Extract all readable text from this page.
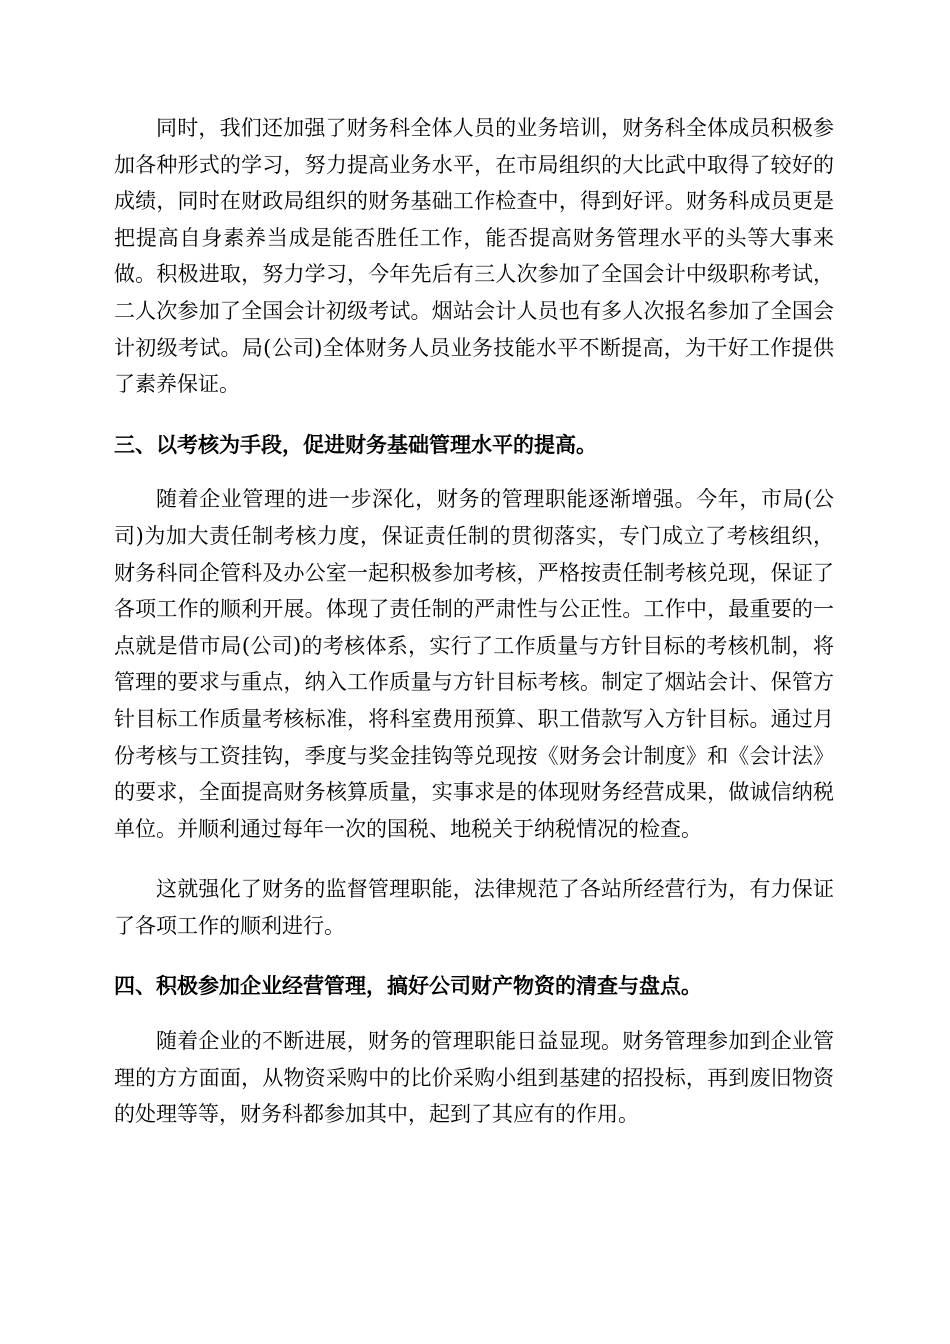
同时，我们还加强了财务科全体人员的业务培训，财务科全体成员积极参加各种形式的学习，努力提高业务水平，在市局组织的大比武中取得了较好的成绩，同时在财政局组织的财务基础工作检查中，得到好评。财务科成员更是把提高自身素养当成是能否胜任工作，能否提高财务管理水平的头等大事来做。积极进取，努力学习，今年先后有三人次参加了全国会计中级职称考试，二人次参加了全国会计初级考试。烟站会计人员也有多人次报名参加了全国会计初级考试。局(公司)全体财务人员业务技能水平不断提高，为干好工作提供了素养保证。

三、以考核为手段，促进财务基础管理水平的提高。

随着企业管理的进一步深化，财务的管理职能逐渐增强。今年，市局(公司)为加大责任制考核力度，保证责任制的贯彻落实，专门成立了考核组织，财务科同企管科及办公室一起积极参加考核，严格按责任制考核兑现，保证了各项工作的顺利开展。体现了责任制的严肃性与公正性。工作中，最重要的一点就是借市局(公司)的考核体系，实行了工作质量与方针目标的考核机制，将管理的要求与重点，纳入工作质量与方针目标考核。制定了烟站会计、保管方针目标工作质量考核标准，将科室费用预算、职工借款写入方针目标。通过月份考核与工资挂钩，季度与奖金挂钩等兑现按《财务会计制度》和《会计法》的要求，全面提高财务核算质量，实事求是的体现财务经营成果，做诚信纳税单位。并顺利通过每年一次的国税、地税关于纳税情况的检查。

这就强化了财务的监督管理职能，法律规范了各站所经营行为，有力保证了各项工作的顺利进行。

四、积极参加企业经营管理，搞好公司财产物资的清查与盘点。

随着企业的不断进展，财务的管理职能日益显现。财务管理参加到企业管理的方方面面，从物资采购中的比价采购小组到基建的招投标，再到废旧物资的处理等等，财务科都参加其中，起到了其应有的作用。
